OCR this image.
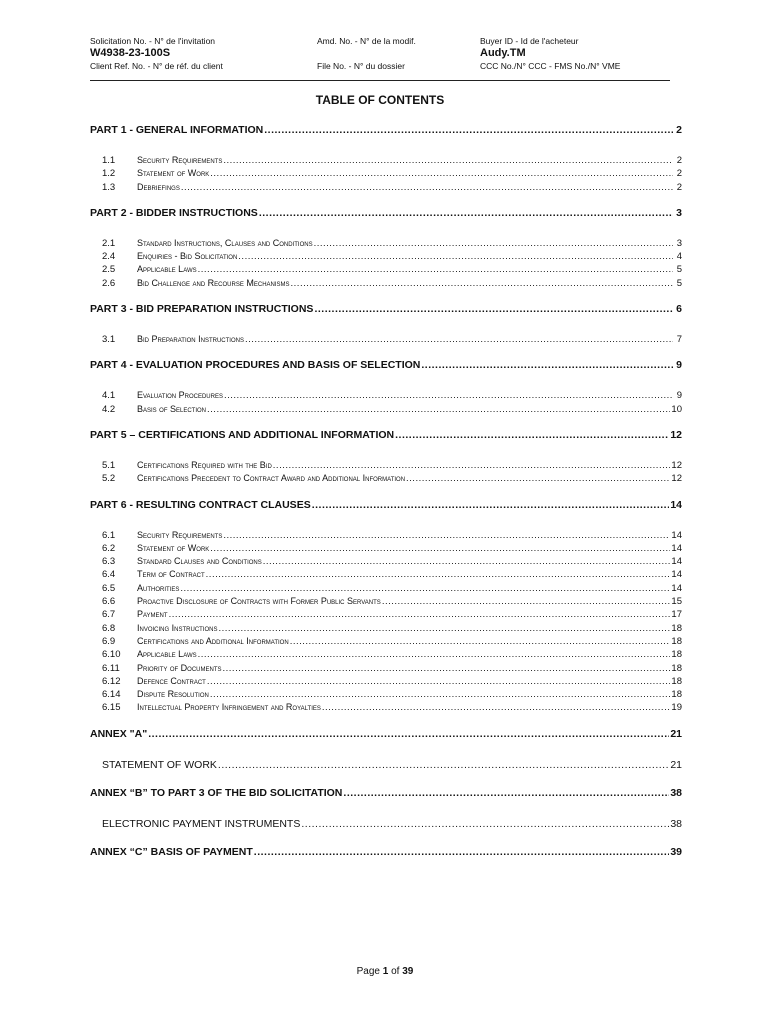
Solicitation No. - N° de l'invitation
W4938-23-100S
Client Ref. No. - N° de réf. du client
Amd. No. - N° de la modif.
File No. - N° du dossier
Buyer ID - Id de l'acheteur
Audy.TM
CCC No./N° CCC - FMS No./N° VME
TABLE OF CONTENTS
PART 1 - GENERAL INFORMATION .....	2
1.1	Security Requirements .....	2
1.2	Statement of Work .....	2
1.3	Debriefings .....	2
PART 2 - BIDDER INSTRUCTIONS .....	3
2.1	Standard Instructions, Clauses and Conditions .....	3
2.4	Enquiries - Bid Solicitation .....	4
2.5	Applicable Laws .....	5
2.6	Bid Challenge and Recourse Mechanisms .....	5
PART 3 - BID PREPARATION INSTRUCTIONS .....	6
3.1	Bid Preparation Instructions .....	7
PART 4 - EVALUATION PROCEDURES AND BASIS OF SELECTION .....	9
4.1	Evaluation Procedures .....	9
4.2	Basis of Selection .....	10
PART 5 – CERTIFICATIONS AND ADDITIONAL INFORMATION .....	12
5.1	Certifications Required with the Bid .....	12
5.2	Certifications Precedent to Contract Award and Additional Information .....	12
PART 6 - RESULTING CONTRACT CLAUSES .....	14
6.1	Security Requirements .....	14
6.2	Statement of Work .....	14
6.3	Standard Clauses and Conditions .....	14
6.4	Term of Contract .....	14
6.5	Authorities .....	14
6.6	Proactive Disclosure of Contracts with Former Public Servants .....	15
6.7	Payment .....	17
6.8	Invoicing Instructions .....	18
6.9	Certifications and Additional Information .....	18
6.10	Applicable Laws .....	18
6.11	Priority of Documents .....	18
6.12	Defence Contract .....	18
6.14	Dispute Resolution .....	18
6.15	Intellectual Property Infringement and Royalties .....	19
ANNEX "A" .....	21
STATEMENT OF WORK .....	21
ANNEX “B” TO PART 3 OF THE BID SOLICITATION .....	38
ELECTRONIC PAYMENT INSTRUMENTS .....	38
ANNEX “C” BASIS OF PAYMENT .....	39
Page 1 of 39
